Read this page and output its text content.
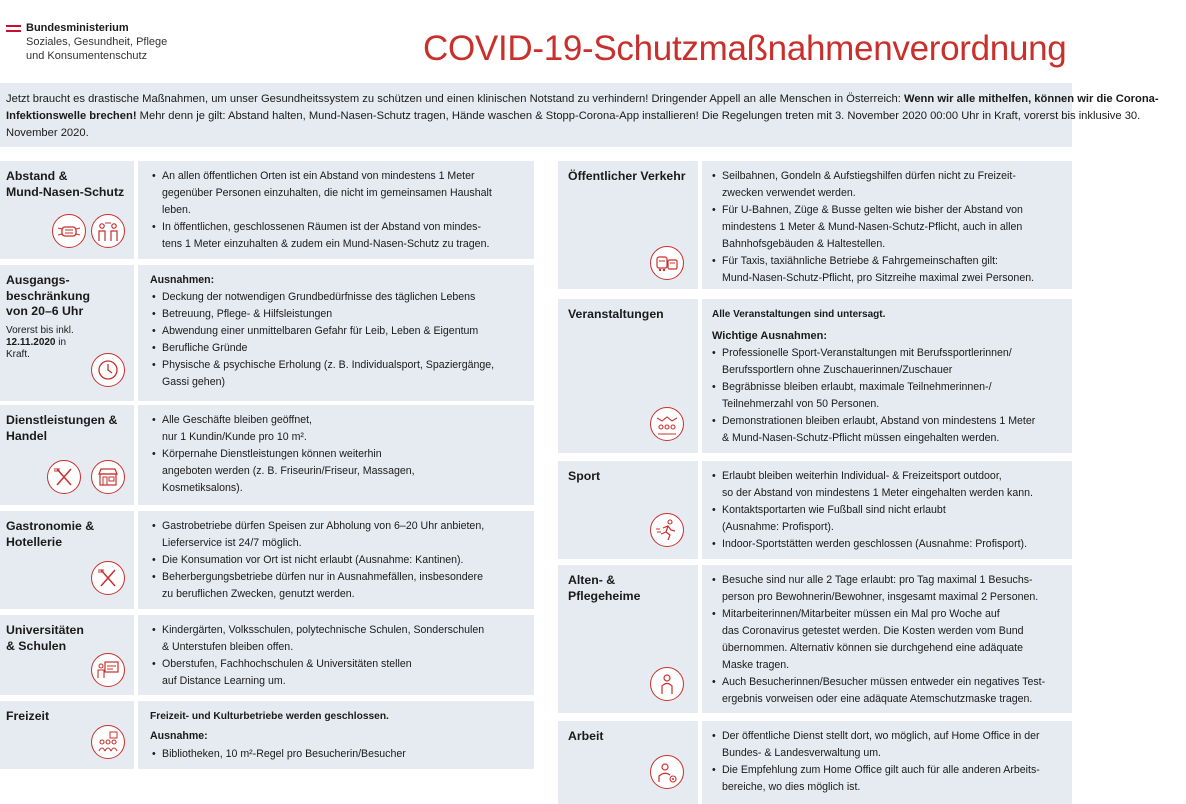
Bundesministerium
Soziales, Gesundheit, Pflege
und Konsumentenschutz	COVID-19-Schutzmaßnahmenverordnung
Jetzt braucht es drastische Maßnahmen, um unser Gesundheitssystem zu schützen und einen klinischen Notstand zu verhindern! Dringender Appell an alle Menschen in Österreich: Wenn wir alle mithelfen, können wir die Corona-Infektionswelle brechen! Mehr denn je gilt: Abstand halten, Mund-Nasen-Schutz tragen, Hände waschen & Stopp-Corona-App installieren! Die Regelungen treten mit 3. November 2020 00:00 Uhr in Kraft, vorerst bis inklusive 30. November 2020.
Abstand &
Mund-Nasen-Schutz
• An allen öffentlichen Orten ist ein Abstand von mindestens 1 Meter
gegenüber Personen einzuhalten, die nicht im gemeinsamen Haushalt
leben.
• In öffentlichen, geschlossenen Räumen ist der Abstand von mindes-
tens 1 Meter einzuhalten & zudem ein Mund-Nasen-Schutz zu tragen.
Ausgangs-
beschränkung
von 20–6 Uhr
Vorerst bis inkl.
12.11.2020 in
Kraft.
Ausnahmen:
• Deckung der notwendigen Grundbedürfnisse des täglichen Lebens
• Betreuung, Pflege- & Hilfsleistungen
• Abwendung einer unmittelbaren Gefahr für Leib, Leben & Eigentum
• Berufliche Gründe
• Physische & psychische Erholung (z. B. Individualsport, Spaziergänge,
Gassi gehen)
Dienstleistungen &
Handel
• Alle Geschäfte bleiben geöffnet,
nur 1 Kundin/Kunde pro 10 m².
• Körpernahe Dienstleistungen können weiterhin
angeboten werden (z. B. Friseurin/Friseur, Massagen,
Kosmetiksalons).
Gastronomie &
Hotellerie
• Gastrobetriebe dürfen Speisen zur Abholung von 6–20 Uhr anbieten,
Lieferservice ist 24/7 möglich.
• Die Konsumation vor Ort ist nicht erlaubt (Ausnahme: Kantinen).
• Beherbergungsbetriebe dürfen nur in Ausnahmefällen, insbesondere
zu beruflichen Zwecken, genutzt werden.
Universitäten
& Schulen
• Kindergärten, Volksschulen, polytechnische Schulen, Sonderschulen
& Unterstufen bleiben offen.
• Oberstufen, Fachhochschulen & Universitäten stellen
auf Distance Learning um.
Freizeit	Freizeit- und Kulturbetriebe werden geschlossen.
Ausnahme:
• Bibliotheken, 10 m²-Regel pro Besucherin/Besucher
Öffentlicher Verkehr	• Seilbahnen, Gondeln & Aufstiegshilfen dürfen nicht zu Freizeit-
zwecken verwendet werden.
• Für U-Bahnen, Züge & Busse gelten wie bisher der Abstand von
mindestens 1 Meter & Mund-Nasen-Schutz-Pflicht, auch in allen
Bahnhofsgebäuden & Haltestellen.
• Für Taxis, taxiähnliche Betriebe & Fahrgemeinschaften gilt:
Mund-Nasen-Schutz-Pflicht, pro Sitzreihe maximal zwei Personen.
Veranstaltungen	Alle Veranstaltungen sind untersagt.
Wichtige Ausnahmen:
• Professionelle Sport-Veranstaltungen mit Berufssportlerinnen/
Berufssportlern ohne Zuschauerinnen/Zuschauer
• Begräbnisse bleiben erlaubt, maximale Teilnehmerinnen-/
Teilnehmerzahl von 50 Personen.
• Demonstrationen bleiben erlaubt, Abstand von mindestens 1 Meter
& Mund-Nasen-Schutz-Pflicht müssen eingehalten werden.
Sport	• Erlaubt bleiben weiterhin Individual- & Freizeitsport outdoor,
so der Abstand von mindestens 1 Meter eingehalten werden kann.
• Kontaktsportarten wie Fußball sind nicht erlaubt
(Ausnahme: Profisport).
• Indoor-Sportstätten werden geschlossen (Ausnahme: Profisport).
Alten- &
Pflegeheime
• Besuche sind nur alle 2 Tage erlaubt: pro Tag maximal 1 Besuchs-
person pro Bewohnerin/Bewohner, insgesamt maximal 2 Personen.
• Mitarbeiterinnen/Mitarbeiter müssen ein Mal pro Woche auf
das Coronavirus getestet werden. Die Kosten werden vom Bund
übernommen. Alternativ können sie durchgehend eine adäquate
Maske tragen.
• Auch Besucherinnen/Besucher müssen entweder ein negatives Test-
ergebnis vorweisen oder eine adäquate Atemschutzmaske tragen.
Arbeit	• Der öffentliche Dienst stellt dort, wo möglich, auf Home Office in der
Bundes- & Landesverwaltung um.
• Die Empfehlung zum Home Office gilt auch für alle anderen Arbeits-
bereiche, wo dies möglich ist.
